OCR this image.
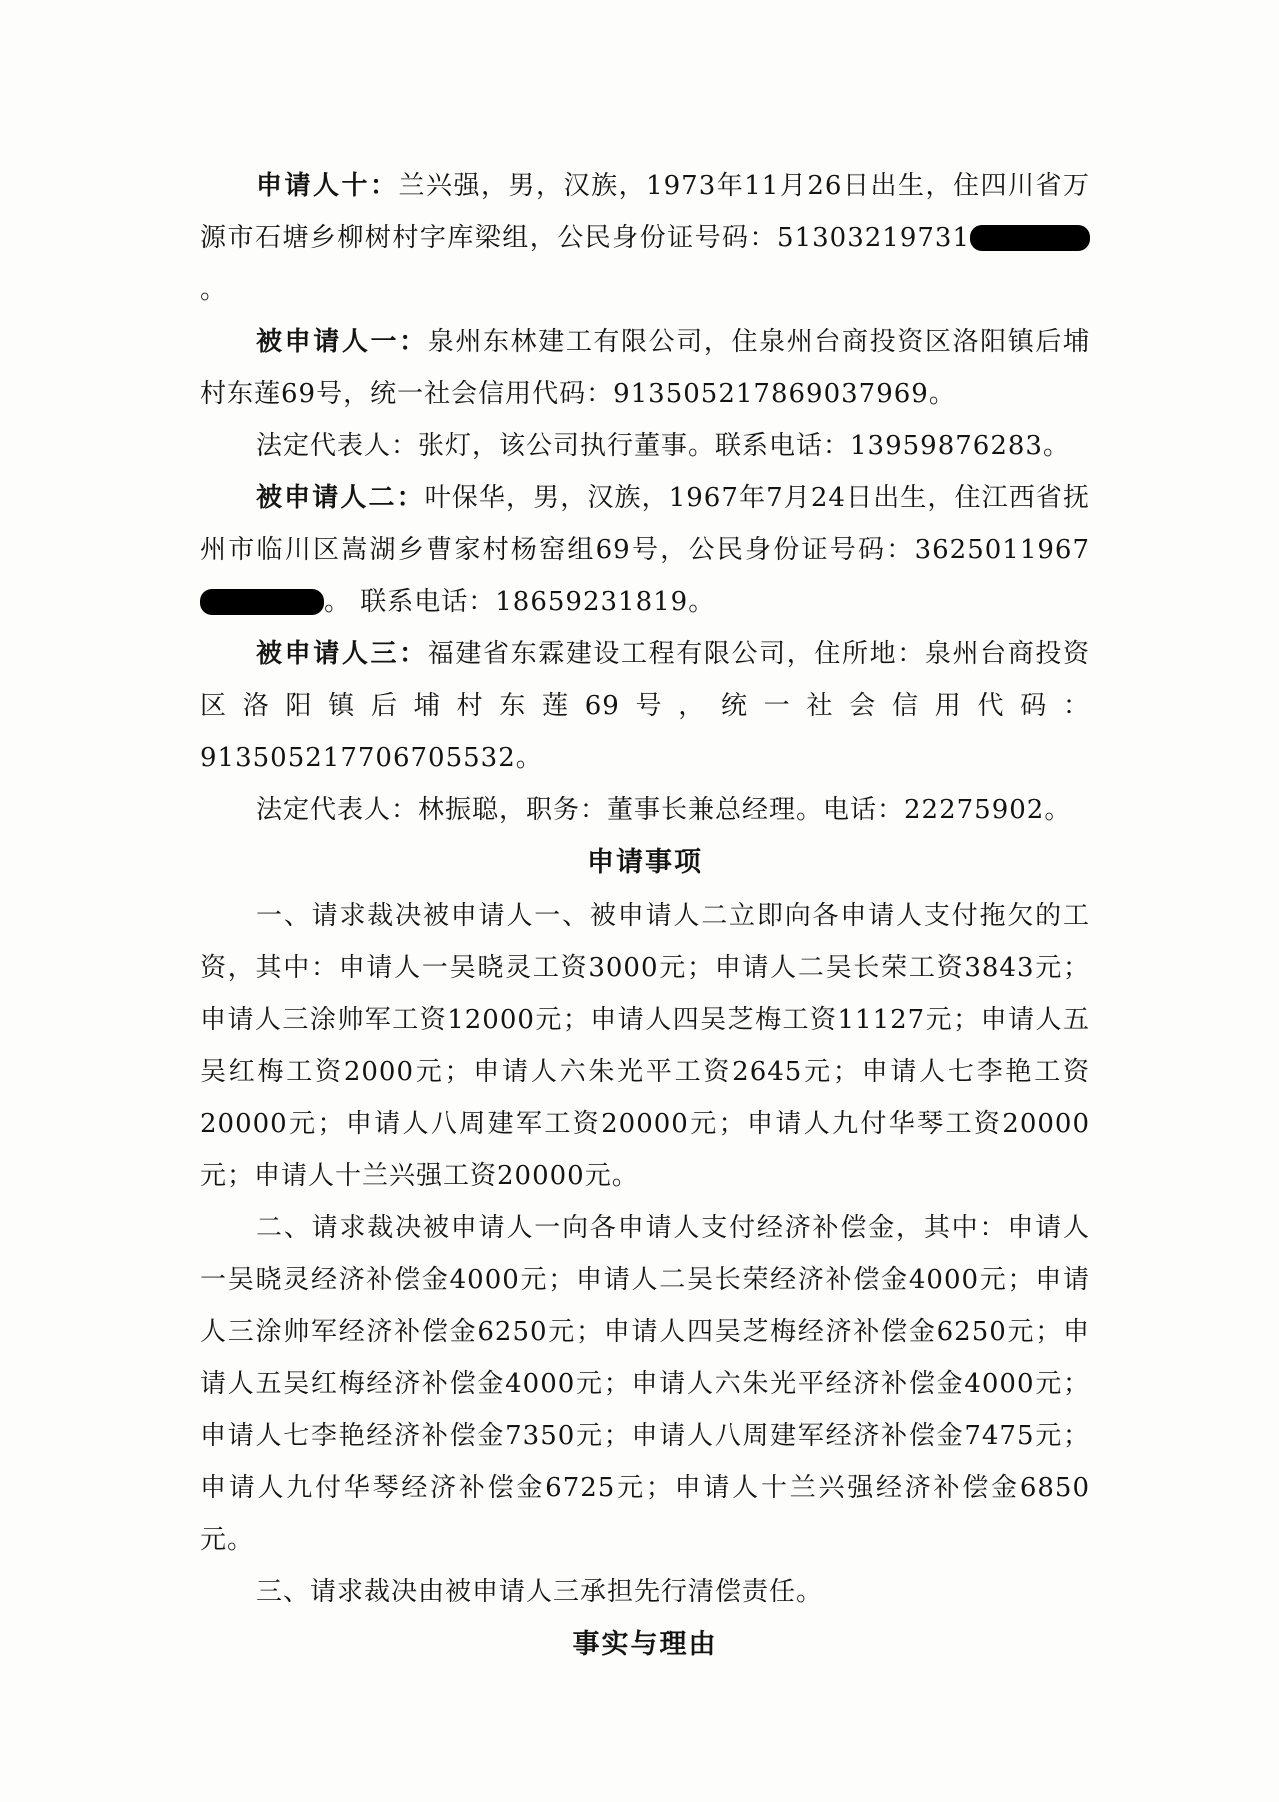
申请人十：兰兴强，男，汉族，1973年11月26日出生，住四川省万源市石塘乡柳树村字库梁组，公民身份证号码：51303219731。

被申请人一：泉州东林建工有限公司，住泉州台商投资区洛阳镇后埔村东莲69号，统一社会信用代码：913505217869037969。

法定代表人：张灯，该公司执行董事。联系电话：13959876283。

被申请人二：叶保华，男，汉族，1967年7月24日出生，住江西省抚州市临川区嵩湖乡曹家村杨窑组69号，公民身份证号码：3625011967。 联系电话：18659231819。

被申请人三：福建省东霖建设工程有限公司，住所地：泉州台商投资区洛阳镇后埔村东莲69号，统一社会信用代码：913505217706705532。

法定代表人：林振聪，职务：董事长兼总经理。电话：22275902。

申请事项

一、请求裁决被申请人一、被申请人二立即向各申请人支付拖欠的工资，其中：申请人一吴晓灵工资3000元；申请人二吴长荣工资3843元；申请人三涂帅军工资12000元；申请人四吴芝梅工资11127元；申请人五吴红梅工资2000元；申请人六朱光平工资2645元；申请人七李艳工资20000元；申请人八周建军工资20000元；申请人九付华琴工资20000元；申请人十兰兴强工资20000元。

二、请求裁决被申请人一向各申请人支付经济补偿金，其中：申请人一吴晓灵经济补偿金4000元；申请人二吴长荣经济补偿金4000元；申请人三涂帅军经济补偿金6250元；申请人四吴芝梅经济补偿金6250元；申请人五吴红梅经济补偿金4000元；申请人六朱光平经济补偿金4000元；申请人七李艳经济补偿金7350元；申请人八周建军经济补偿金7475元；申请人九付华琴经济补偿金6725元；申请人十兰兴强经济补偿金6850元。

三、请求裁决由被申请人三承担先行清偿责任。

事实与理由
